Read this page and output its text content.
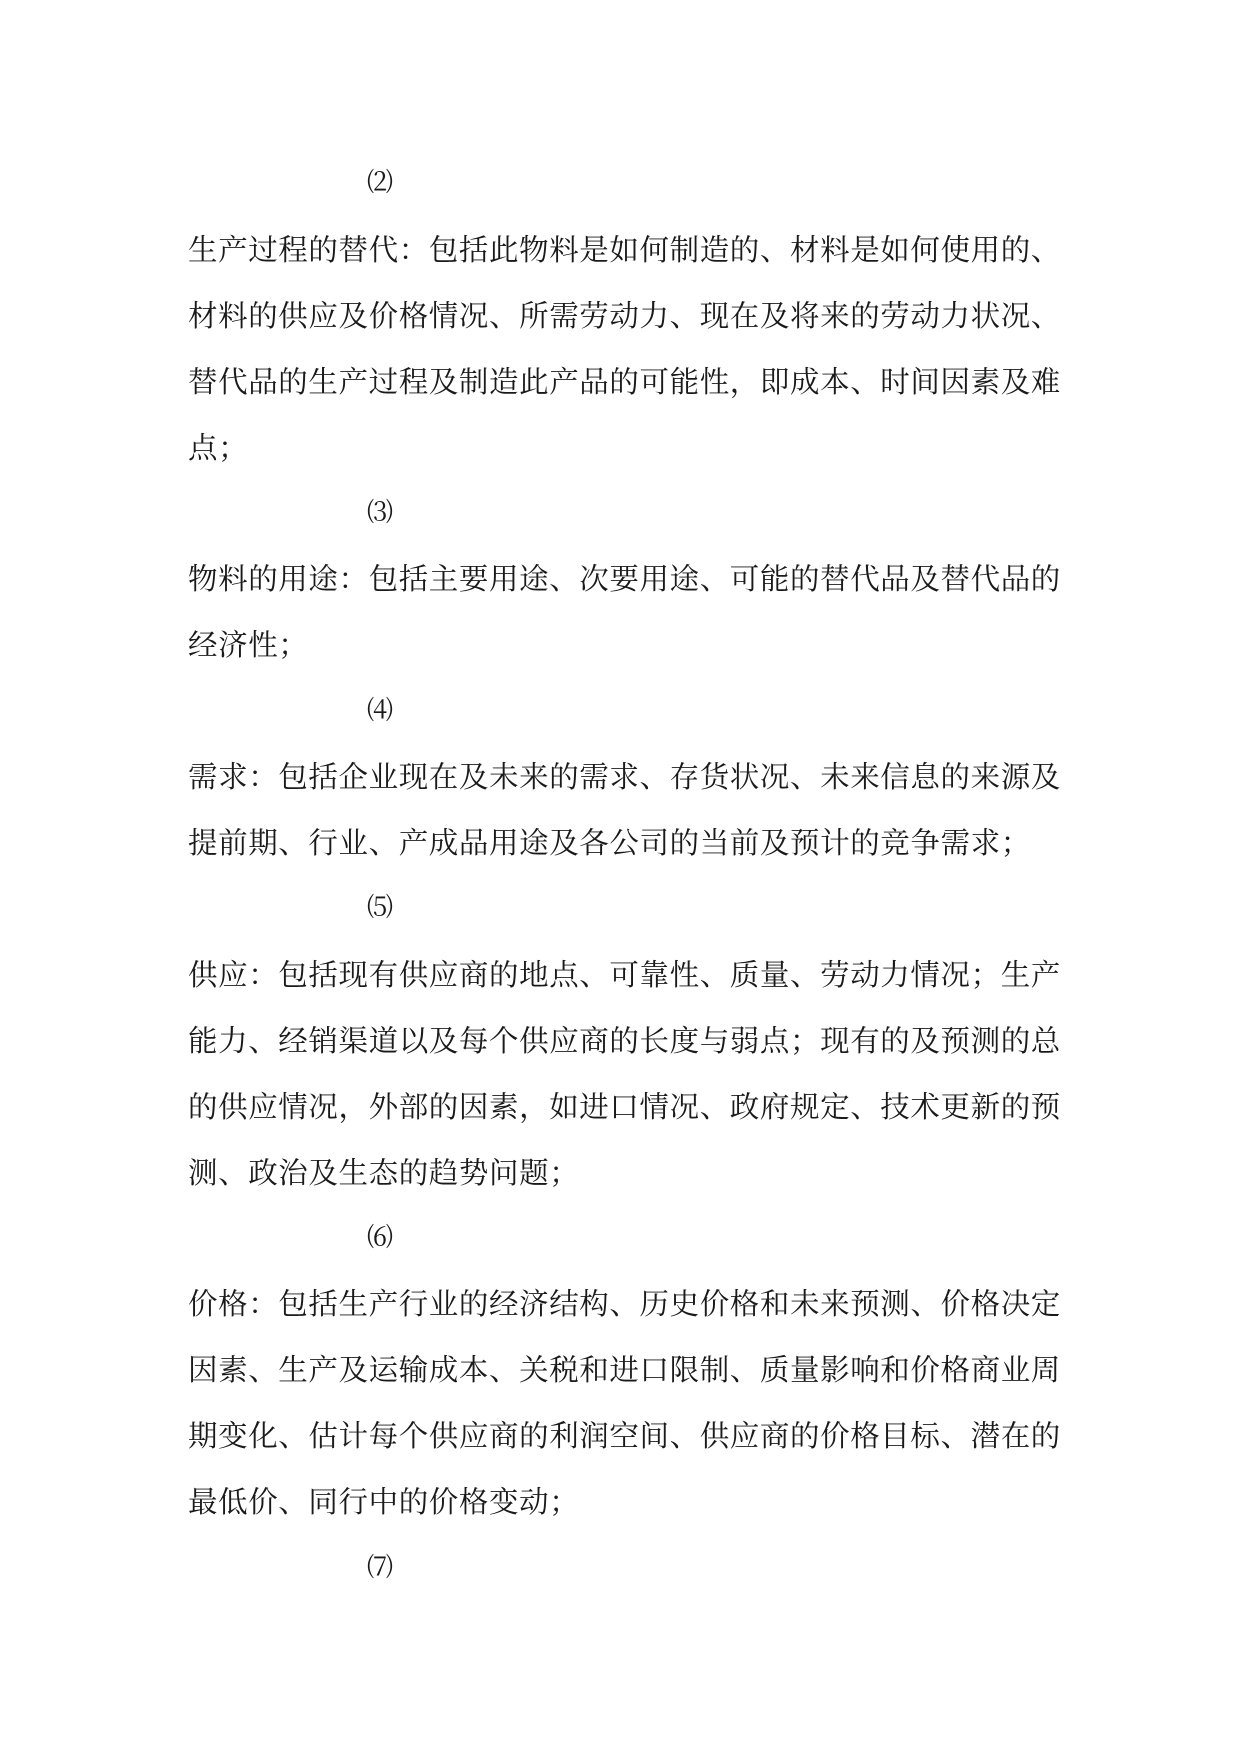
⑵
生产过程的替代：包括此物料是如何制造的、材料是如何使用的、
材料的供应及价格情况、所需劳动力、现在及将来的劳动力状况、
替代品的生产过程及制造此产品的可能性，即成本、时间因素及难
点；
⑶
物料的用途：包括主要用途、次要用途、可能的替代品及替代品的
经济性；
⑷
需求：包括企业现在及未来的需求、存货状况、未来信息的来源及
提前期、行业、产成品用途及各公司的当前及预计的竞争需求；
⑸
供应：包括现有供应商的地点、可靠性、质量、劳动力情况；生产
能力、经销渠道以及每个供应商的长度与弱点；现有的及预测的总
的供应情况，外部的因素，如进口情况、政府规定、技术更新的预
测、政治及生态的趋势问题；
⑹
价格：包括生产行业的经济结构、历史价格和未来预测、价格决定
因素、生产及运输成本、关税和进口限制、质量影响和价格商业周
期变化、估计每个供应商的利润空间、供应商的价格目标、潜在的
最低价、同行中的价格变动；
⑺
